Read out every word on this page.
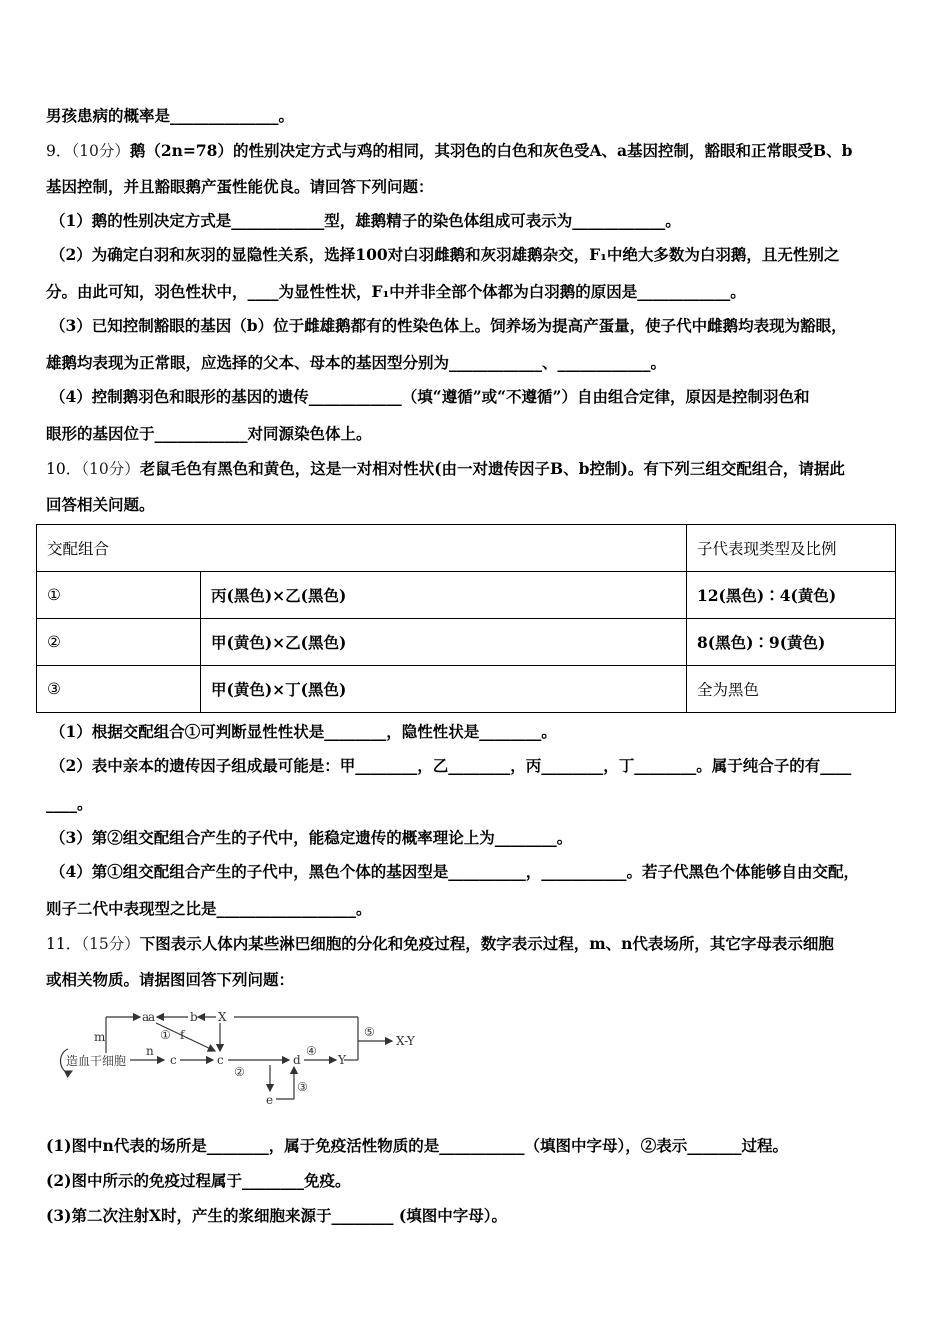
男孩患病的概率是______________。
9．（10分）鹅（2n=78）的性别决定方式与鸡的相同，其羽色的白色和灰色受A、a基因控制，豁眼和正常眼受B、b
基因控制，并且豁眼鹅产蛋性能优良。请回答下列问题：
（1）鹅的性别决定方式是____________型，雄鹅精子的染色体组成可表示为____________。
（2）为确定白羽和灰羽的显隐性关系，选择100对白羽雌鹅和灰羽雄鹅杂交，F₁中绝大多数为白羽鹅，且无性别之
分。由此可知，羽色性状中，____为显性性状，F₁中并非全部个体都为白羽鹅的原因是____________。
（3）已知控制豁眼的基因（b）位于雌雄鹅都有的性染色体上。饲养场为提高产蛋量，使子代中雌鹅均表现为豁眼，
雄鹅均表现为正常眼，应选择的父本、母本的基因型分别为____________、____________。
（4）控制鹅羽色和眼形的基因的遗传____________（填“遵循”或“不遵循”）自由组合定律，原因是控制羽色和
眼形的基因位于____________对同源染色体上。
10．（10分）老鼠毛色有黑色和黄色，这是一对相对性状(由一对遗传因子B、b控制)。有下列三组交配组合，请据此
回答相关问题。
交配组合		子代表现类型及比例
①	丙(黑色)×乙(黑色)	12(黑色)∶4(黄色)
②	甲(黄色)×乙(黑色)	8(黑色)∶9(黄色)
③	甲(黄色)×丁(黑色)	全为黑色
（1）根据交配组合①可判断显性性状是________，隐性性状是________。
（2）表中亲本的遗传因子组成最可能是：甲________，乙________，丙________，丁________。属于纯合子的有____
____。
（3）第②组交配组合产生的子代中，能稳定遗传的概率理论上为________。
（4）第①组交配组合产生的子代中，黑色个体的基因型是__________，___________。若子代黑色个体能够自由交配，
则子二代中表现型之比是__________________。
11．（15分）下图表示人体内某些淋巴细胞的分化和免疫过程，数字表示过程，m、n代表场所，其它字母表示细胞
或相关物质。请据图回答下列问题：
a
a	b X
m	f
①
n
c	c
②
d
④
Y
③
e
⑤
X-Y
造血干细胞
(1)图中n代表的场所是________，属于免疫活性物质的是___________（填图中字母），②表示_______过程。
(2)图中所示的免疫过程属于________免疫。
(3)第二次注射X时，产生的浆细胞来源于________ (填图中字母）。
